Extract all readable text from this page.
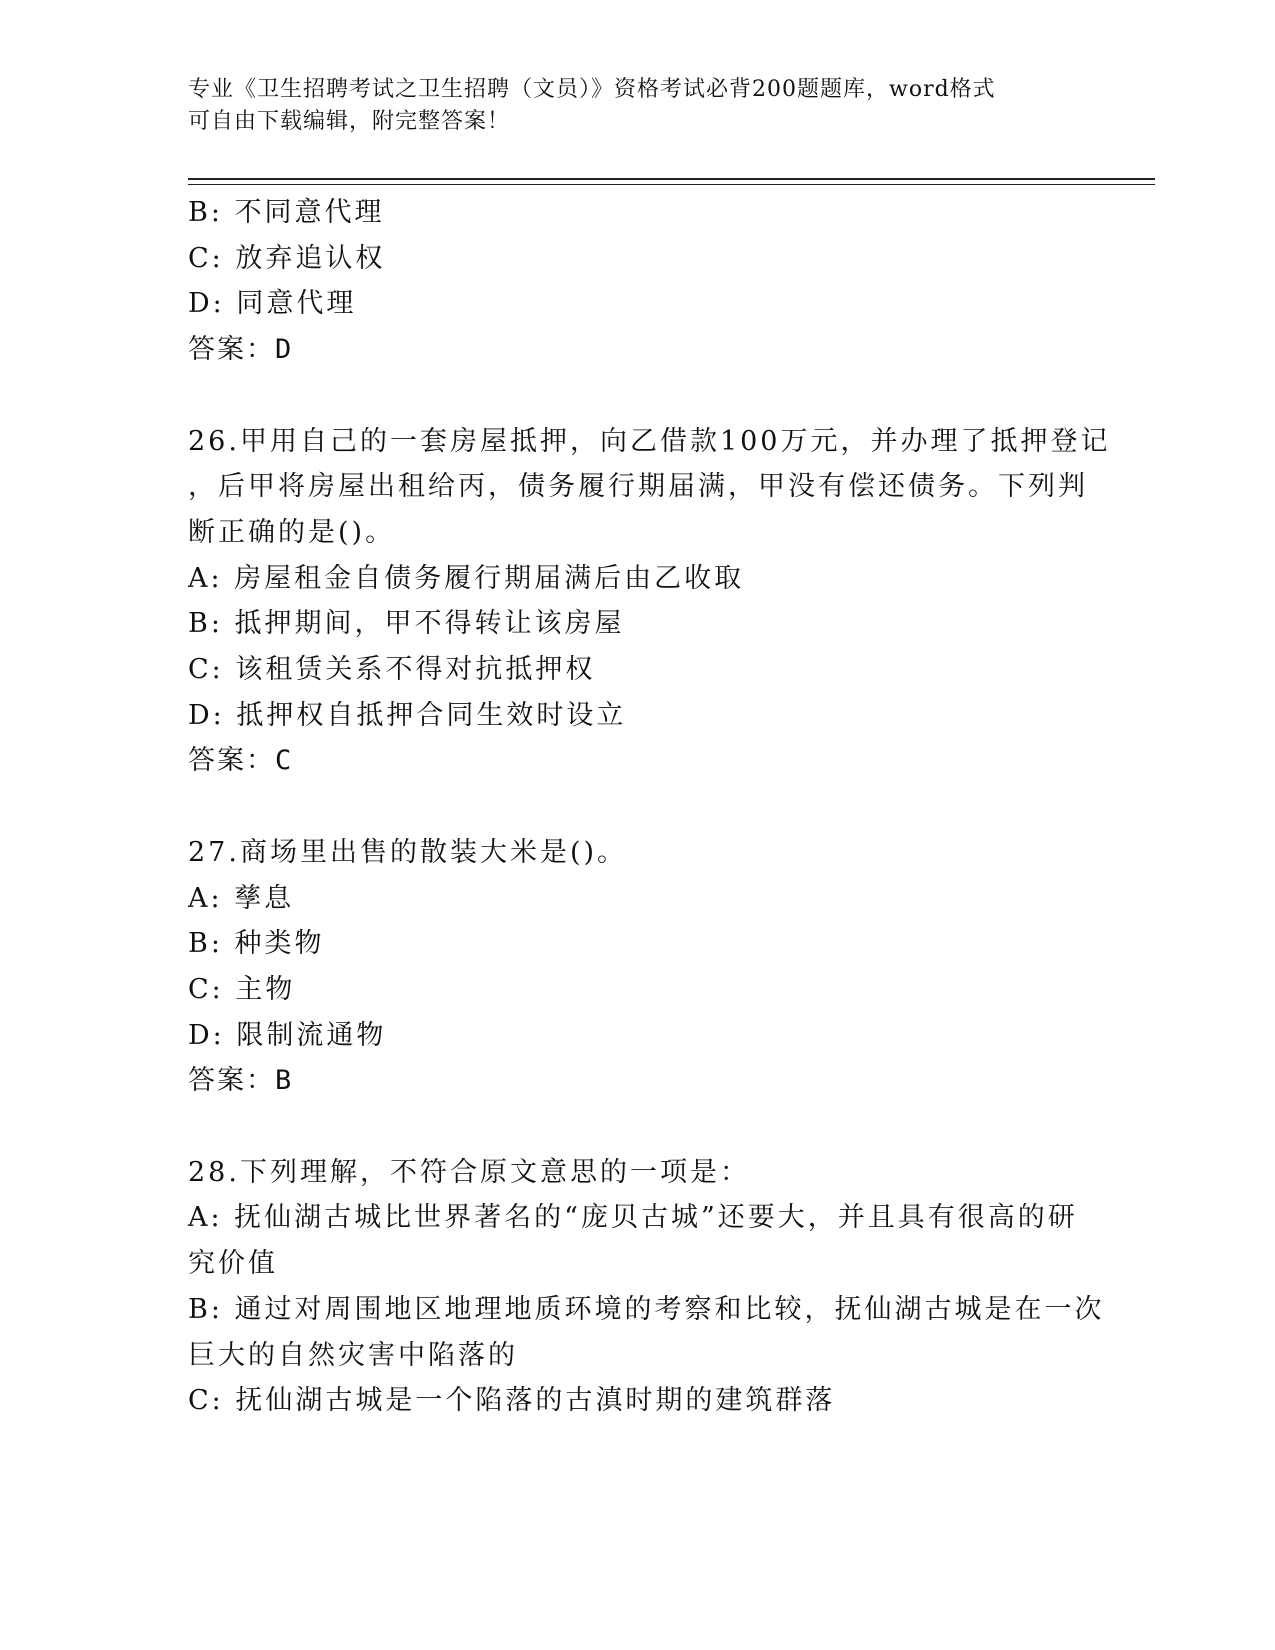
专业《卫生招聘考试之卫生招聘（文员）》资格考试必背200题题库，word格式
可自由下载编辑，附完整答案！
B: 不同意代理
C: 放弃追认权
D: 同意代理
答案：D
26.甲用自己的一套房屋抵押，向乙借款100万元，并办理了抵押登记
，后甲将房屋出租给丙，债务履行期届满，甲没有偿还债务。下列判
断正确的是()。
A: 房屋租金自债务履行期届满后由乙收取
B: 抵押期间，甲不得转让该房屋
C: 该租赁关系不得对抗抵押权
D: 抵押权自抵押合同生效时设立
答案：C
27.商场里出售的散装大米是()。
A: 孳息
B: 种类物
C: 主物
D: 限制流通物
答案：B
28.下列理解，不符合原文意思的一项是：
A: 抚仙湖古城比世界著名的“庞贝古城”还要大，并且具有很高的研
究价值
B: 通过对周围地区地理地质环境的考察和比较，抚仙湖古城是在一次
巨大的自然灾害中陷落的
C: 抚仙湖古城是一个陷落的古滇时期的建筑群落
